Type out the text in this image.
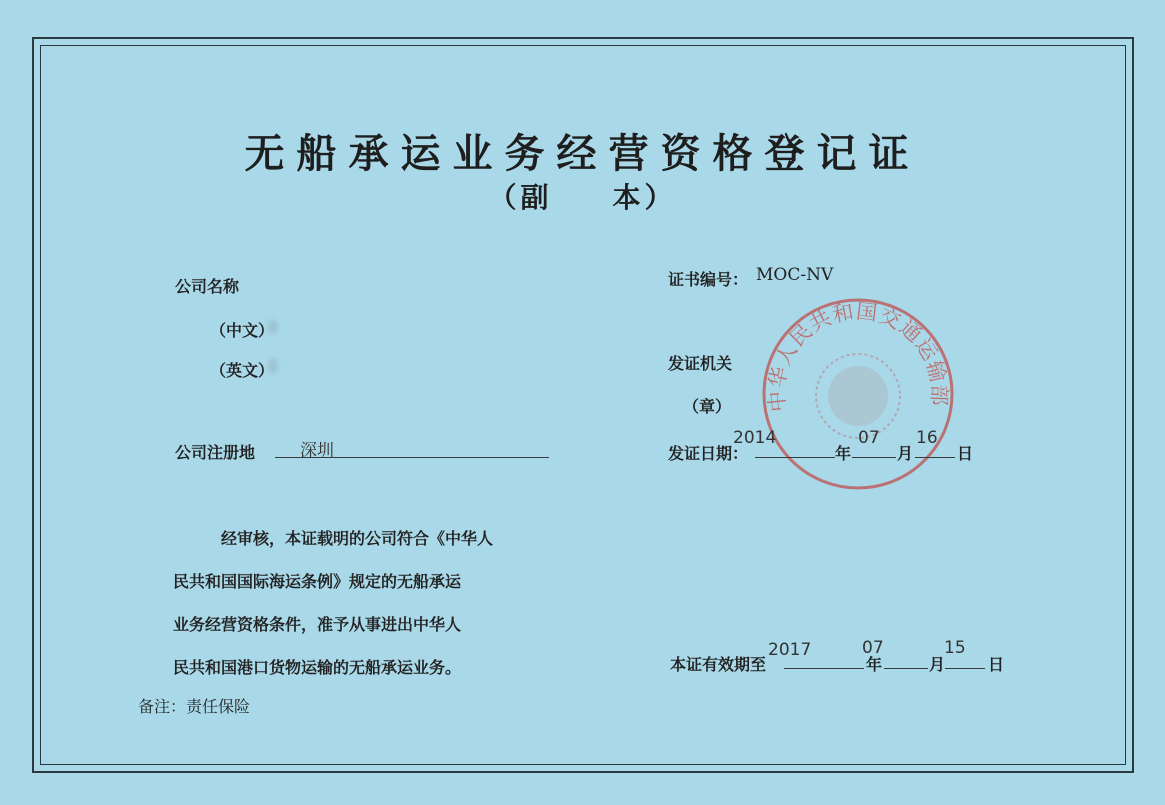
无船承运业务经营资格登记证
（副 本）
公司名称
（中文）
（英文）
公司注册地	深圳
经审核，本证载明的公司符合《中华人
民共和国国际海运条例》规定的无船承运
业务经营资格条件，准予从事进出中华人
民共和国港口货物运输的无船承运业务。
备注：责任保险
证书编号： MOC-NV
发证机关
（章） 中华人民共和国交通运输部
发证日期：
2014
年
07
月
16
日
本证有效期至
2017
年
07
月
15
日
